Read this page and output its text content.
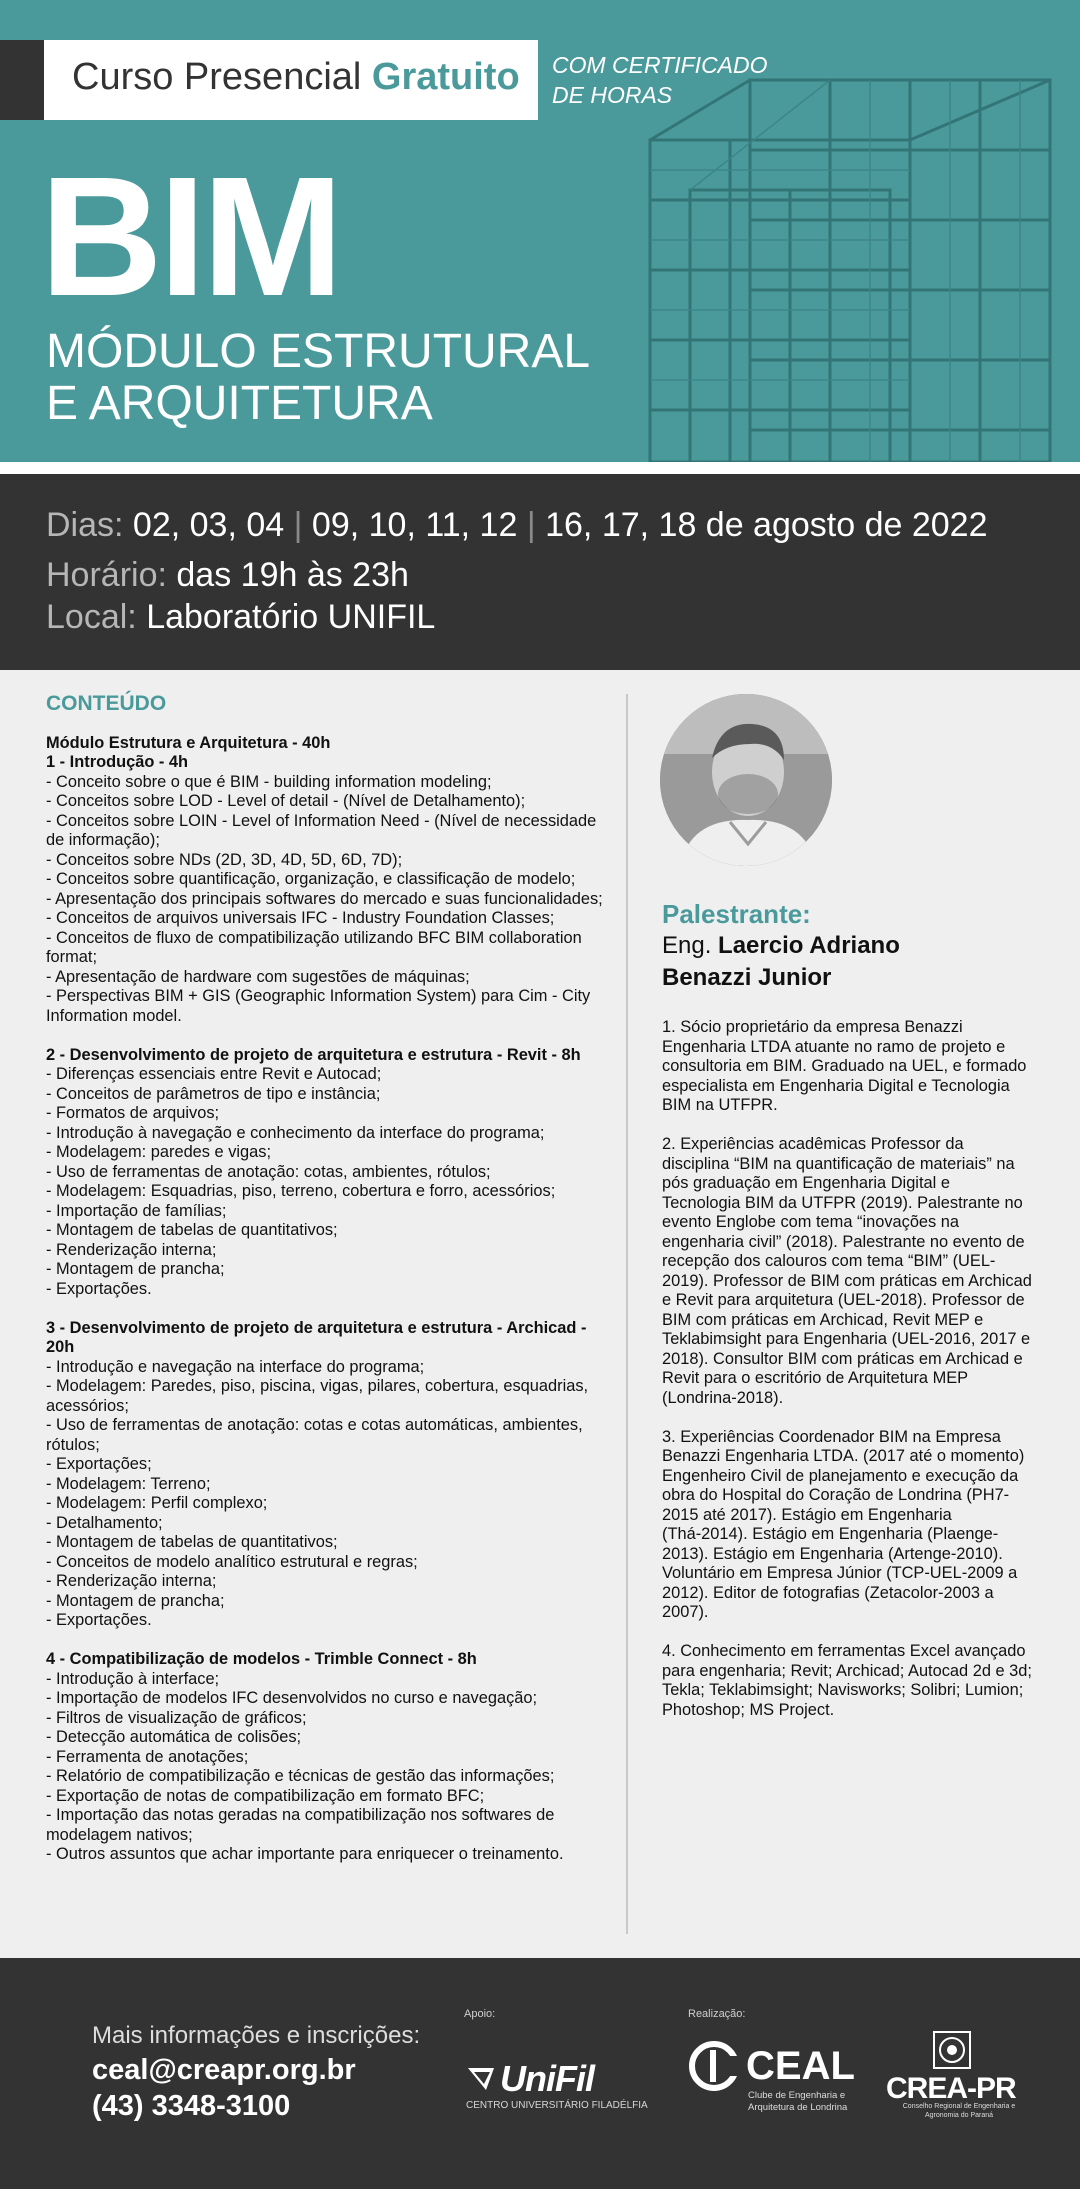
Curso Presencial Gratuito COM CERTIFICADO
DE HORAS
BIM
MÓDULO ESTRUTURAL
E ARQUITETURA
Dias: 02, 03, 04 | 09, 10, 11, 12 | 16, 17, 18 de agosto de 2022
Horário: das 19h às 23h
Local: Laboratório UNIFIL
CONTEÚDO
Módulo Estrutura e Arquitetura - 40h
1 - Introdução - 4h
- Conceito sobre o que é BIM - building information modeling;
- Conceitos sobre LOD - Level of detail - (Nível de Detalhamento);
- Conceitos sobre LOIN - Level of Information Need - (Nível de necessidade de informação);
- Conceitos sobre NDs (2D, 3D, 4D, 5D, 6D, 7D);
- Conceitos sobre quantificação, organização, e classificação de modelo;
- Apresentação dos principais softwares do mercado e suas funcionalidades;
- Conceitos de arquivos universais IFC - Industry Foundation Classes;
- Conceitos de fluxo de compatibilização utilizando BFC BIM collaboration format;
- Apresentação de hardware com sugestões de máquinas;
- Perspectivas BIM + GIS (Geographic Information System) para Cim - City Information model.
2 - Desenvolvimento de projeto de arquitetura e estrutura - Revit - 8h
- Diferenças essenciais entre Revit e Autocad;
- Conceitos de parâmetros de tipo e instância;
- Formatos de arquivos;
- Introdução à navegação e conhecimento da interface do programa;
- Modelagem: paredes e vigas;
- Uso de ferramentas de anotação: cotas, ambientes, rótulos;
- Modelagem: Esquadrias, piso, terreno, cobertura e forro, acessórios;
- Importação de famílias;
- Montagem de tabelas de quantitativos;
- Renderização interna;
- Montagem de prancha;
- Exportações.
3 - Desenvolvimento de projeto de arquitetura e estrutura - Archicad - 20h
- Introdução e navegação na interface do programa;
- Modelagem: Paredes, piso, piscina, vigas, pilares, cobertura, esquadrias, acessórios;
- Uso de ferramentas de anotação: cotas e cotas automáticas, ambientes, rótulos;
- Exportações;
- Modelagem: Terreno;
- Modelagem: Perfil complexo;
- Detalhamento;
- Montagem de tabelas de quantitativos;
- Conceitos de modelo analítico estrutural e regras;
- Renderização interna;
- Montagem de prancha;
- Exportações.
4 - Compatibilização de modelos - Trimble Connect - 8h
- Introdução à interface;
- Importação de modelos IFC desenvolvidos no curso e navegação;
- Filtros de visualização de gráficos;
- Detecção automática de colisões;
- Ferramenta de anotações;
- Relatório de compatibilização e técnicas de gestão das informações;
- Exportação de notas de compatibilização em formato BFC;
- Importação das notas geradas na compatibilização nos softwares de modelagem nativos;
- Outros assuntos que achar importante para enriquecer o treinamento.
Palestrante:
Eng. Laercio Adriano
Benazzi Junior
1. Sócio proprietário da empresa Benazzi Engenharia LTDA atuante no ramo de projeto e consultoria em BIM. Graduado na UEL, e formado especialista em Engenharia Digital e Tecnologia BIM na UTFPR.
2. Experiências acadêmicas Professor da disciplina “BIM na quantificação de materiais” na pós graduação em Engenharia Digital e Tecnologia BIM da UTFPR (2019). Palestrante no evento Englobe com tema “inovações na engenharia civil” (2018). Palestrante no evento de recepção dos calouros com tema “BIM” (UEL-2019). Professor de BIM com práticas em Archicad e Revit para arquitetura (UEL-2018). Professor de BIM com práticas em Archicad, Revit MEP e Teklabimsight para Engenharia (UEL-2016, 2017 e 2018). Consultor BIM com práticas em Archicad e Revit para o escritório de Arquitetura MEP (Londrina-2018).
3. Experiências Coordenador BIM na Empresa Benazzi Engenharia LTDA. (2017 até o momento) Engenheiro Civil de planejamento e execução da obra do Hospital do Coração de Londrina (PH7-2015 até 2017). Estágio em Engenharia (Thá-2014). Estágio em Engenharia (Plaenge-2013). Estágio em Engenharia (Artenge-2010). Voluntário em Empresa Júnior (TCP-UEL-2009 a 2012). Editor de fotografias (Zetacolor-2003 a 2007).
4. Conhecimento em ferramentas Excel avançado para engenharia; Revit; Archicad; Autocad 2d e 3d; Tekla; Teklabimsight; Navisworks; Solibri; Lumion; Photoshop; MS Project.
Mais informações e inscrições:
ceal@creapr.org.br
(43) 3348-3100
Apoio:	Realização:
UniFil
CENTRO UNIVERSITÁRIO FILADÉLFIA
CEAL
Clube de Engenharia e Arquitetura de Londrina
CREA-PR
Conselho Regional de Engenharia e Agronomia do Paraná
